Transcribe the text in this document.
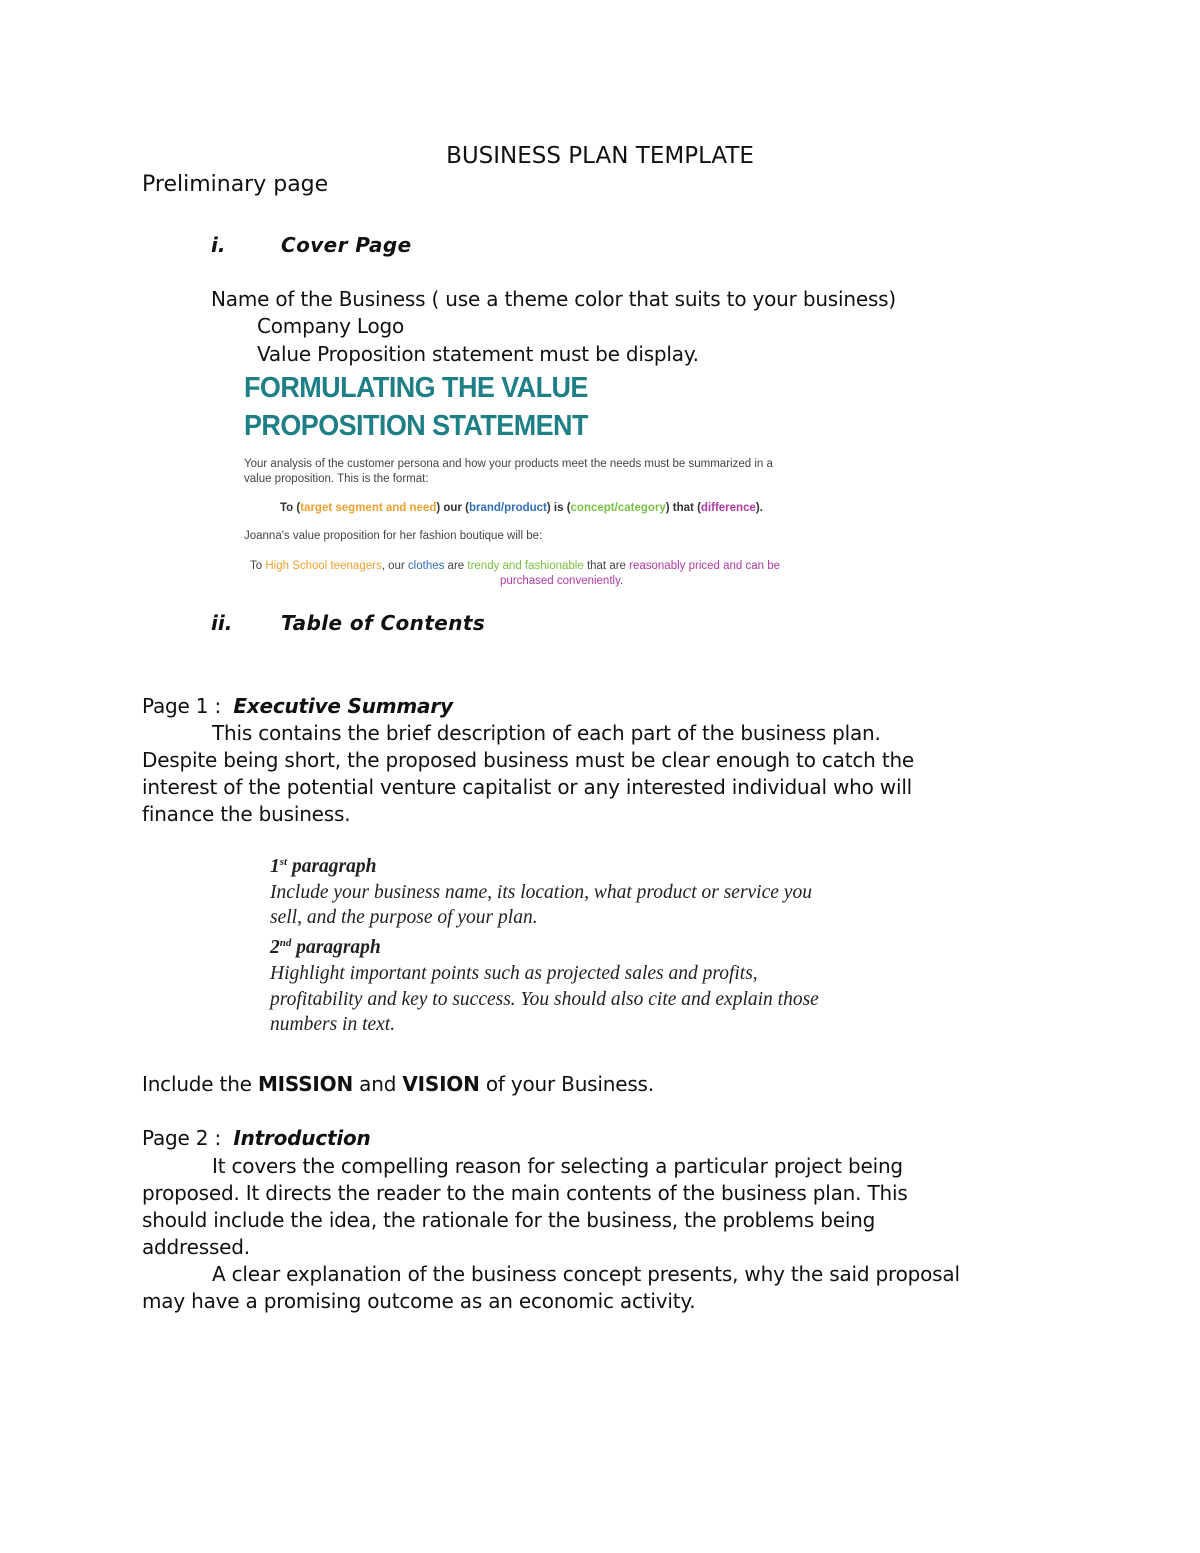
BUSINESS PLAN TEMPLATE
Preliminary page
i.	Cover Page
Name of the Business ( use a theme color that suits to your business)
Company Logo
Value Proposition statement must be display.
FORMULATING THE VALUE
PROPOSITION STATEMENT
Your analysis of the customer persona and how your products meet the needs must be summarized in a
value proposition. This is the format:
To (target segment and need) our (brand/product) is (concept/category) that (difference).
Joanna's value proposition for her fashion boutique will be:
To High School teenagers, our clothes are trendy and fashionable that are reasonably priced and can be
purchased conveniently.
ii. Table of Contents
Page 1 : Executive Summary
This contains the brief description of each part of the business plan.
Despite being short, the proposed business must be clear enough to catch the
interest of the potential venture capitalist or any interested individual who will
finance the business.
1st paragraph
Include your business name, its location, what product or service you
sell, and the purpose of your plan.
2nd paragraph
Highlight important points such as projected sales and profits,
profitability and key to success. You should also cite and explain those
numbers in text.
Include the MISSION and VISION of your Business.
Page 2 : Introduction
It covers the compelling reason for selecting a particular project being
proposed. It directs the reader to the main contents of the business plan. This
should include the idea, the rationale for the business, the problems being
addressed.
A clear explanation of the business concept presents, why the said proposal
may have a promising outcome as an economic activity.
